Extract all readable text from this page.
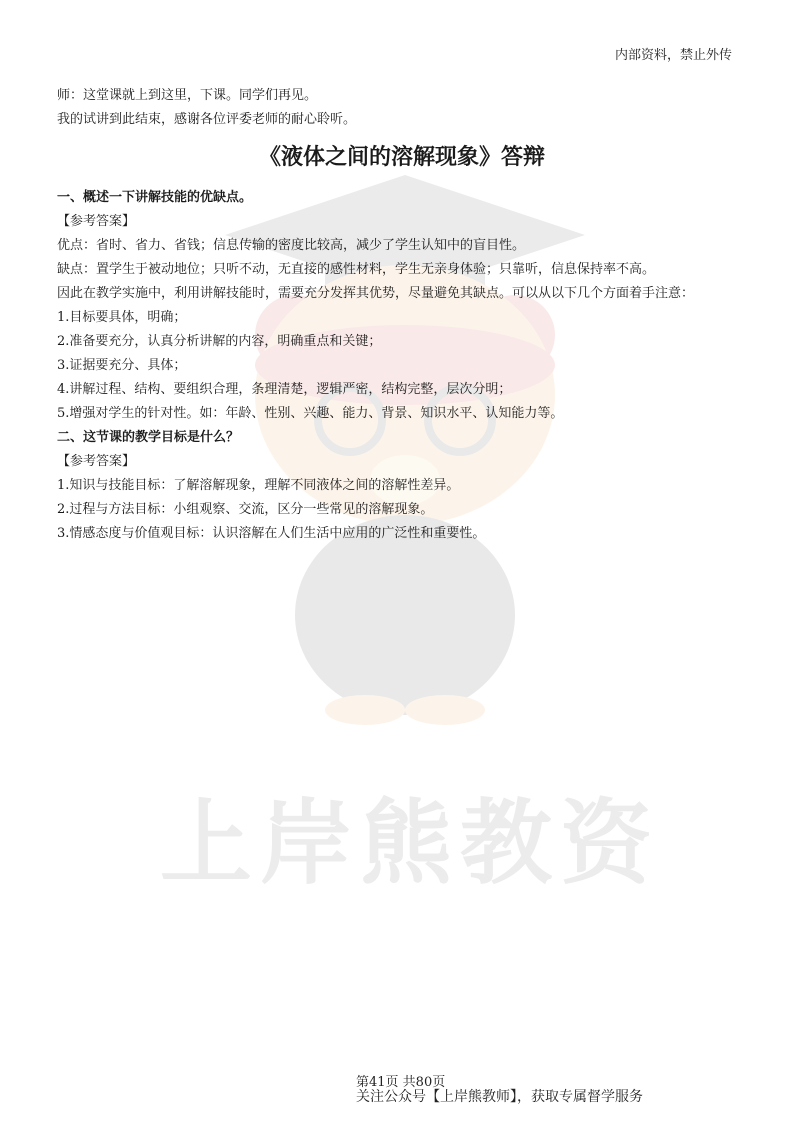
上岸熊教资
内部资料，禁止外传
师：这堂课就上到这里，下课。同学们再见。
我的试讲到此结束，感谢各位评委老师的耐心聆听。
《液体之间的溶解现象》答辩
一、概述一下讲解技能的优缺点。
【参考答案】
优点：省时、省力、省钱；信息传输的密度比较高，减少了学生认知中的盲目性。
缺点：置学生于被动地位；只听不动，无直接的感性材料，学生无亲身体验；只靠听，信息保持率不高。
因此在教学实施中，利用讲解技能时，需要充分发挥其优势，尽量避免其缺点。可以从以下几个方面着手注意：
1.目标要具体，明确；
2.准备要充分，认真分析讲解的内容，明确重点和关键；
3.证据要充分、具体；
4.讲解过程、结构、要组织合理，条理清楚，逻辑严密，结构完整，层次分明；
5.增强对学生的针对性。如：年龄、性别、兴趣、能力、背景、知识水平、认知能力等。
二、这节课的教学目标是什么？
【参考答案】
1.知识与技能目标：了解溶解现象，理解不同液体之间的溶解性差异。
2.过程与方法目标：小组观察、交流，区分一些常见的溶解现象。
3.情感态度与价值观目标：认识溶解在人们生活中应用的广泛性和重要性。
第41页 共80页
关注公众号【上岸熊教师】，获取专属督学服务
